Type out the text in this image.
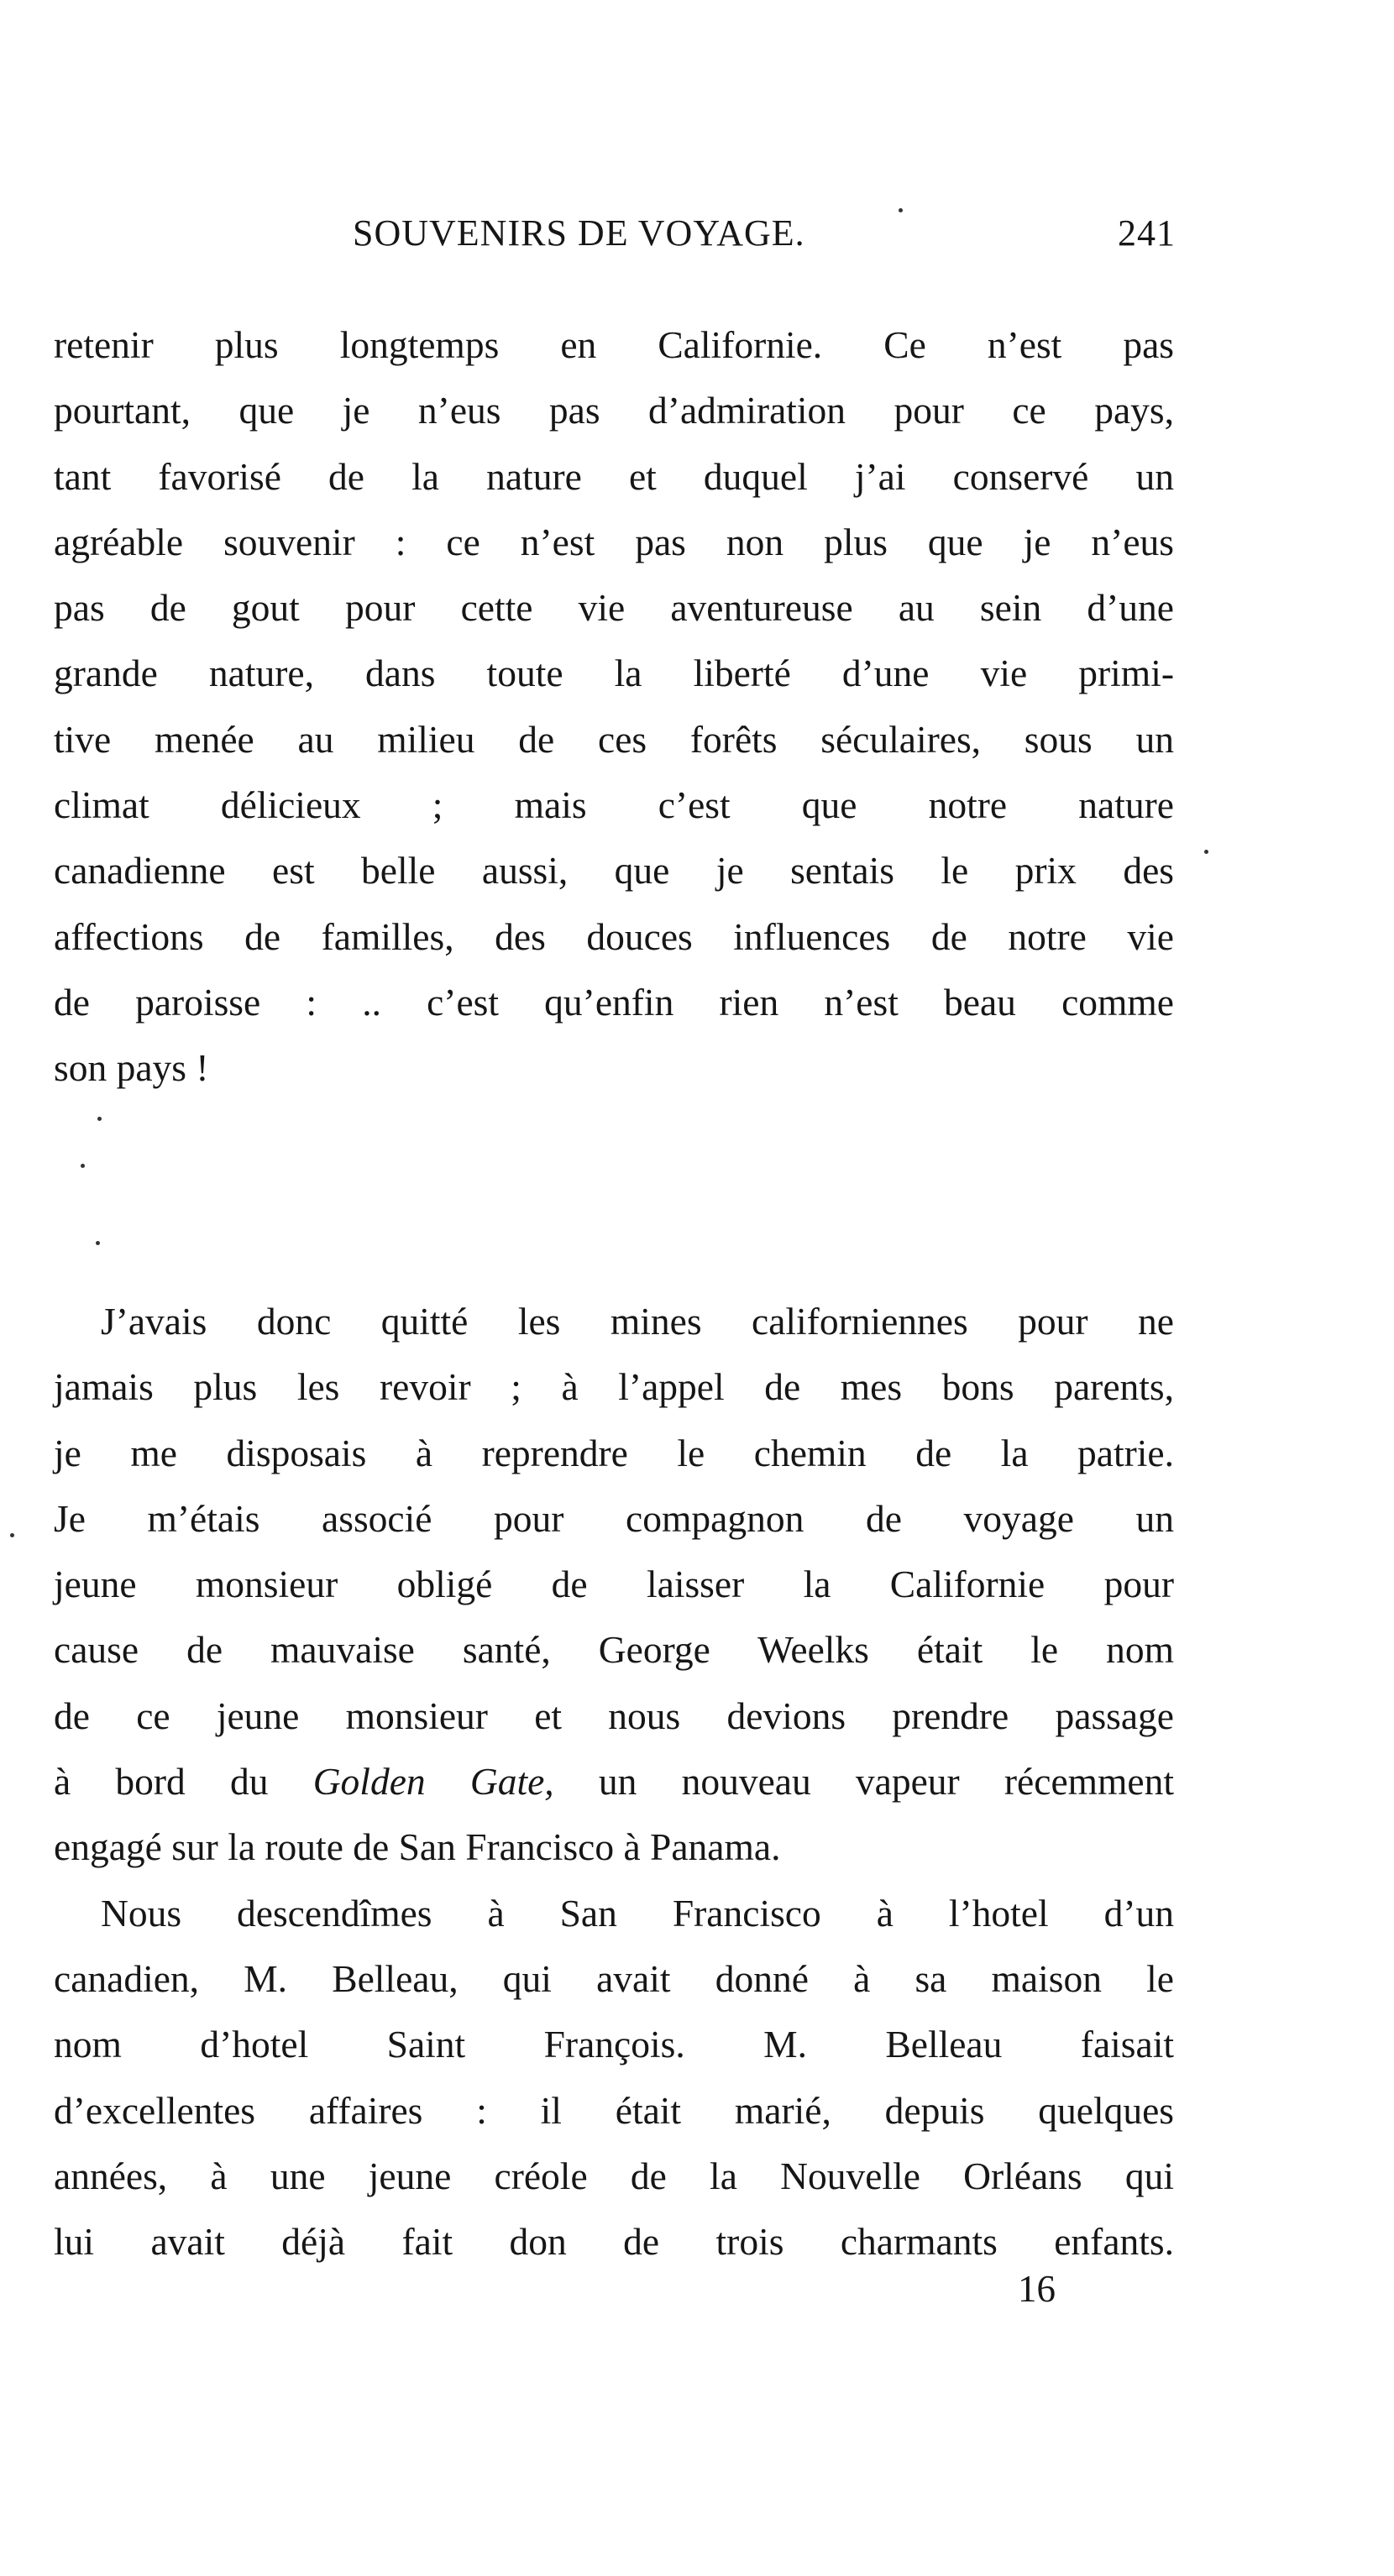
SOUVENIRS DE VOYAGE.	241
retenir plus longtemps en Californie. Ce n’est pas
pourtant, que je n’eus pas d’admiration pour ce pays,
tant favorisé de la nature et duquel j’ai conservé un
agréable souvenir : ce n’est pas non plus que je n’eus
pas de gout pour cette vie aventureuse au sein d’une
grande nature, dans toute la liberté d’une vie primi-
tive menée au milieu de ces forêts séculaires, sous un
climat délicieux ; mais c’est que notre nature
canadienne est belle aussi, que je sentais le prix des
affections de familles, des douces influences de notre vie
de paroisse : .. c’est qu’enfin rien n’est beau comme
son pays !
J’avais donc quitté les mines californiennes pour ne
jamais plus les revoir ; à l’appel de mes bons parents,
je me disposais à reprendre le chemin de la patrie.
Je m’étais associé pour compagnon de voyage un
jeune monsieur obligé de laisser la Californie pour
cause de mauvaise santé, George Weelks était le nom
de ce jeune monsieur et nous devions prendre passage
à bord du Golden Gate, un nouveau vapeur récemment
engagé sur la route de San Francisco à Panama.
Nous descendîmes à San Francisco à l’hotel d’un
canadien, M. Belleau, qui avait donné à sa maison le
nom d’hotel Saint François. M. Belleau faisait
d’excellentes affaires : il était marié, depuis quelques
années, à une jeune créole de la Nouvelle Orléans qui
lui avait déjà fait don de trois charmants enfants.
16
